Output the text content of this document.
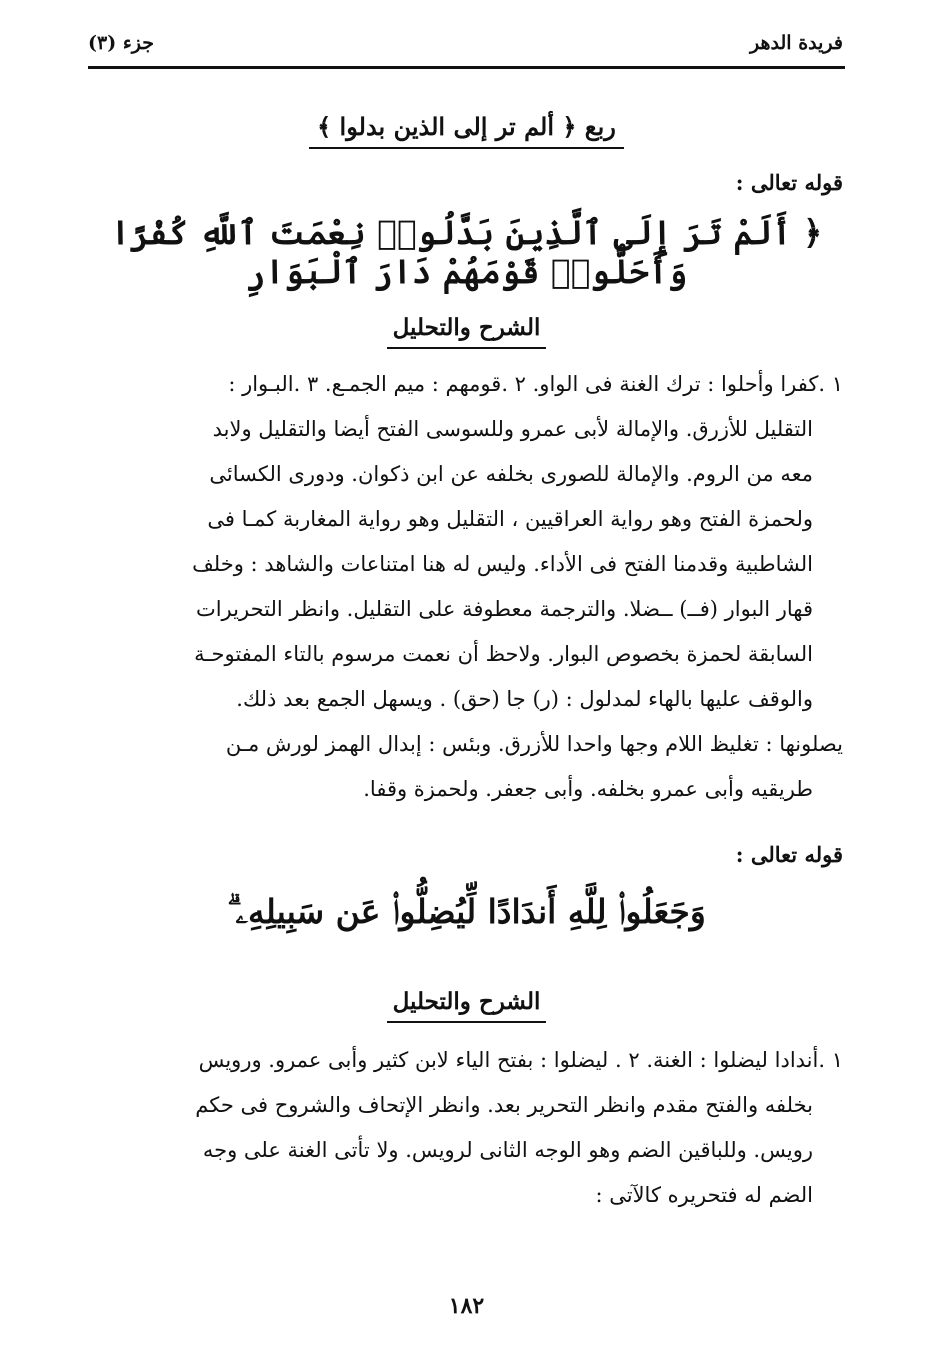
فريدة الدهر
جزء (٣)
ربع ﴿ ألم تر إلى الذين بدلوا ﴾
قوله تعالى :
﴿ أَلَمْ تَرَ إِلَى ٱلَّذِينَ بَدَّلُوا۟ نِعْمَتَ ٱللَّهِ كُفْرًا وَأَحَلُّوا۟ قَوْمَهُمْ دَارَ ٱلْبَوَارِ
الشرح والتحليل
١ .كفرا وأحلوا : ترك الغنة فى الواو. ٢ .قومهم : ميم الجمـع. ٣ .البـوار :
التقليل للأزرق. والإمالة لأبى عمرو وللسوسى الفتح أيضا والتقليل ولابد
معه من الروم. والإمالة للصورى بخلفه عن ابن ذكوان. ودورى الكسائى
ولحمزة الفتح وهو رواية العراقيين ، التقليل وهو رواية المغاربة كمـا فى
الشاطبية وقدمنا الفتح فى الأداء. وليس له هنا امتناعات والشاهد : وخلف
قهار البوار (فــ) ــضلا. والترجمة معطوفة على التقليل. وانظر التحريرات
السابقة لحمزة بخصوص البوار. ولاحظ أن نعمت مرسوم بالتاء المفتوحـة
والوقف عليها بالهاء لمدلول : (ر) جا (حق) . ويسهل الجمع بعد ذلك.
يصلونها : تغليظ اللام وجها واحدا للأزرق. وبئس : إبدال الهمز لورش مـن
طريقيه وأبى عمرو بخلفه. وأبى جعفر. ولحمزة وقفا.
قوله تعالى :
وَجَعَلُوا۟ لِلَّهِ أَندَادًا لِّيُضِلُّوا۟ عَن سَبِيلِهِۦ ۗ
الشرح والتحليل
١ .أندادا ليضلوا : الغنة. ٢ . ليضلوا : بفتح الياء لابن كثير وأبى عمرو. ورويس
بخلفه والفتح مقدم وانظر التحرير بعد. وانظر الإتحاف والشروح فى حكم
رويس. وللباقين الضم وهو الوجه الثانى لرويس. ولا تأتى الغنة على وجه
الضم له فتحريره كالآتى :
١٨٢
